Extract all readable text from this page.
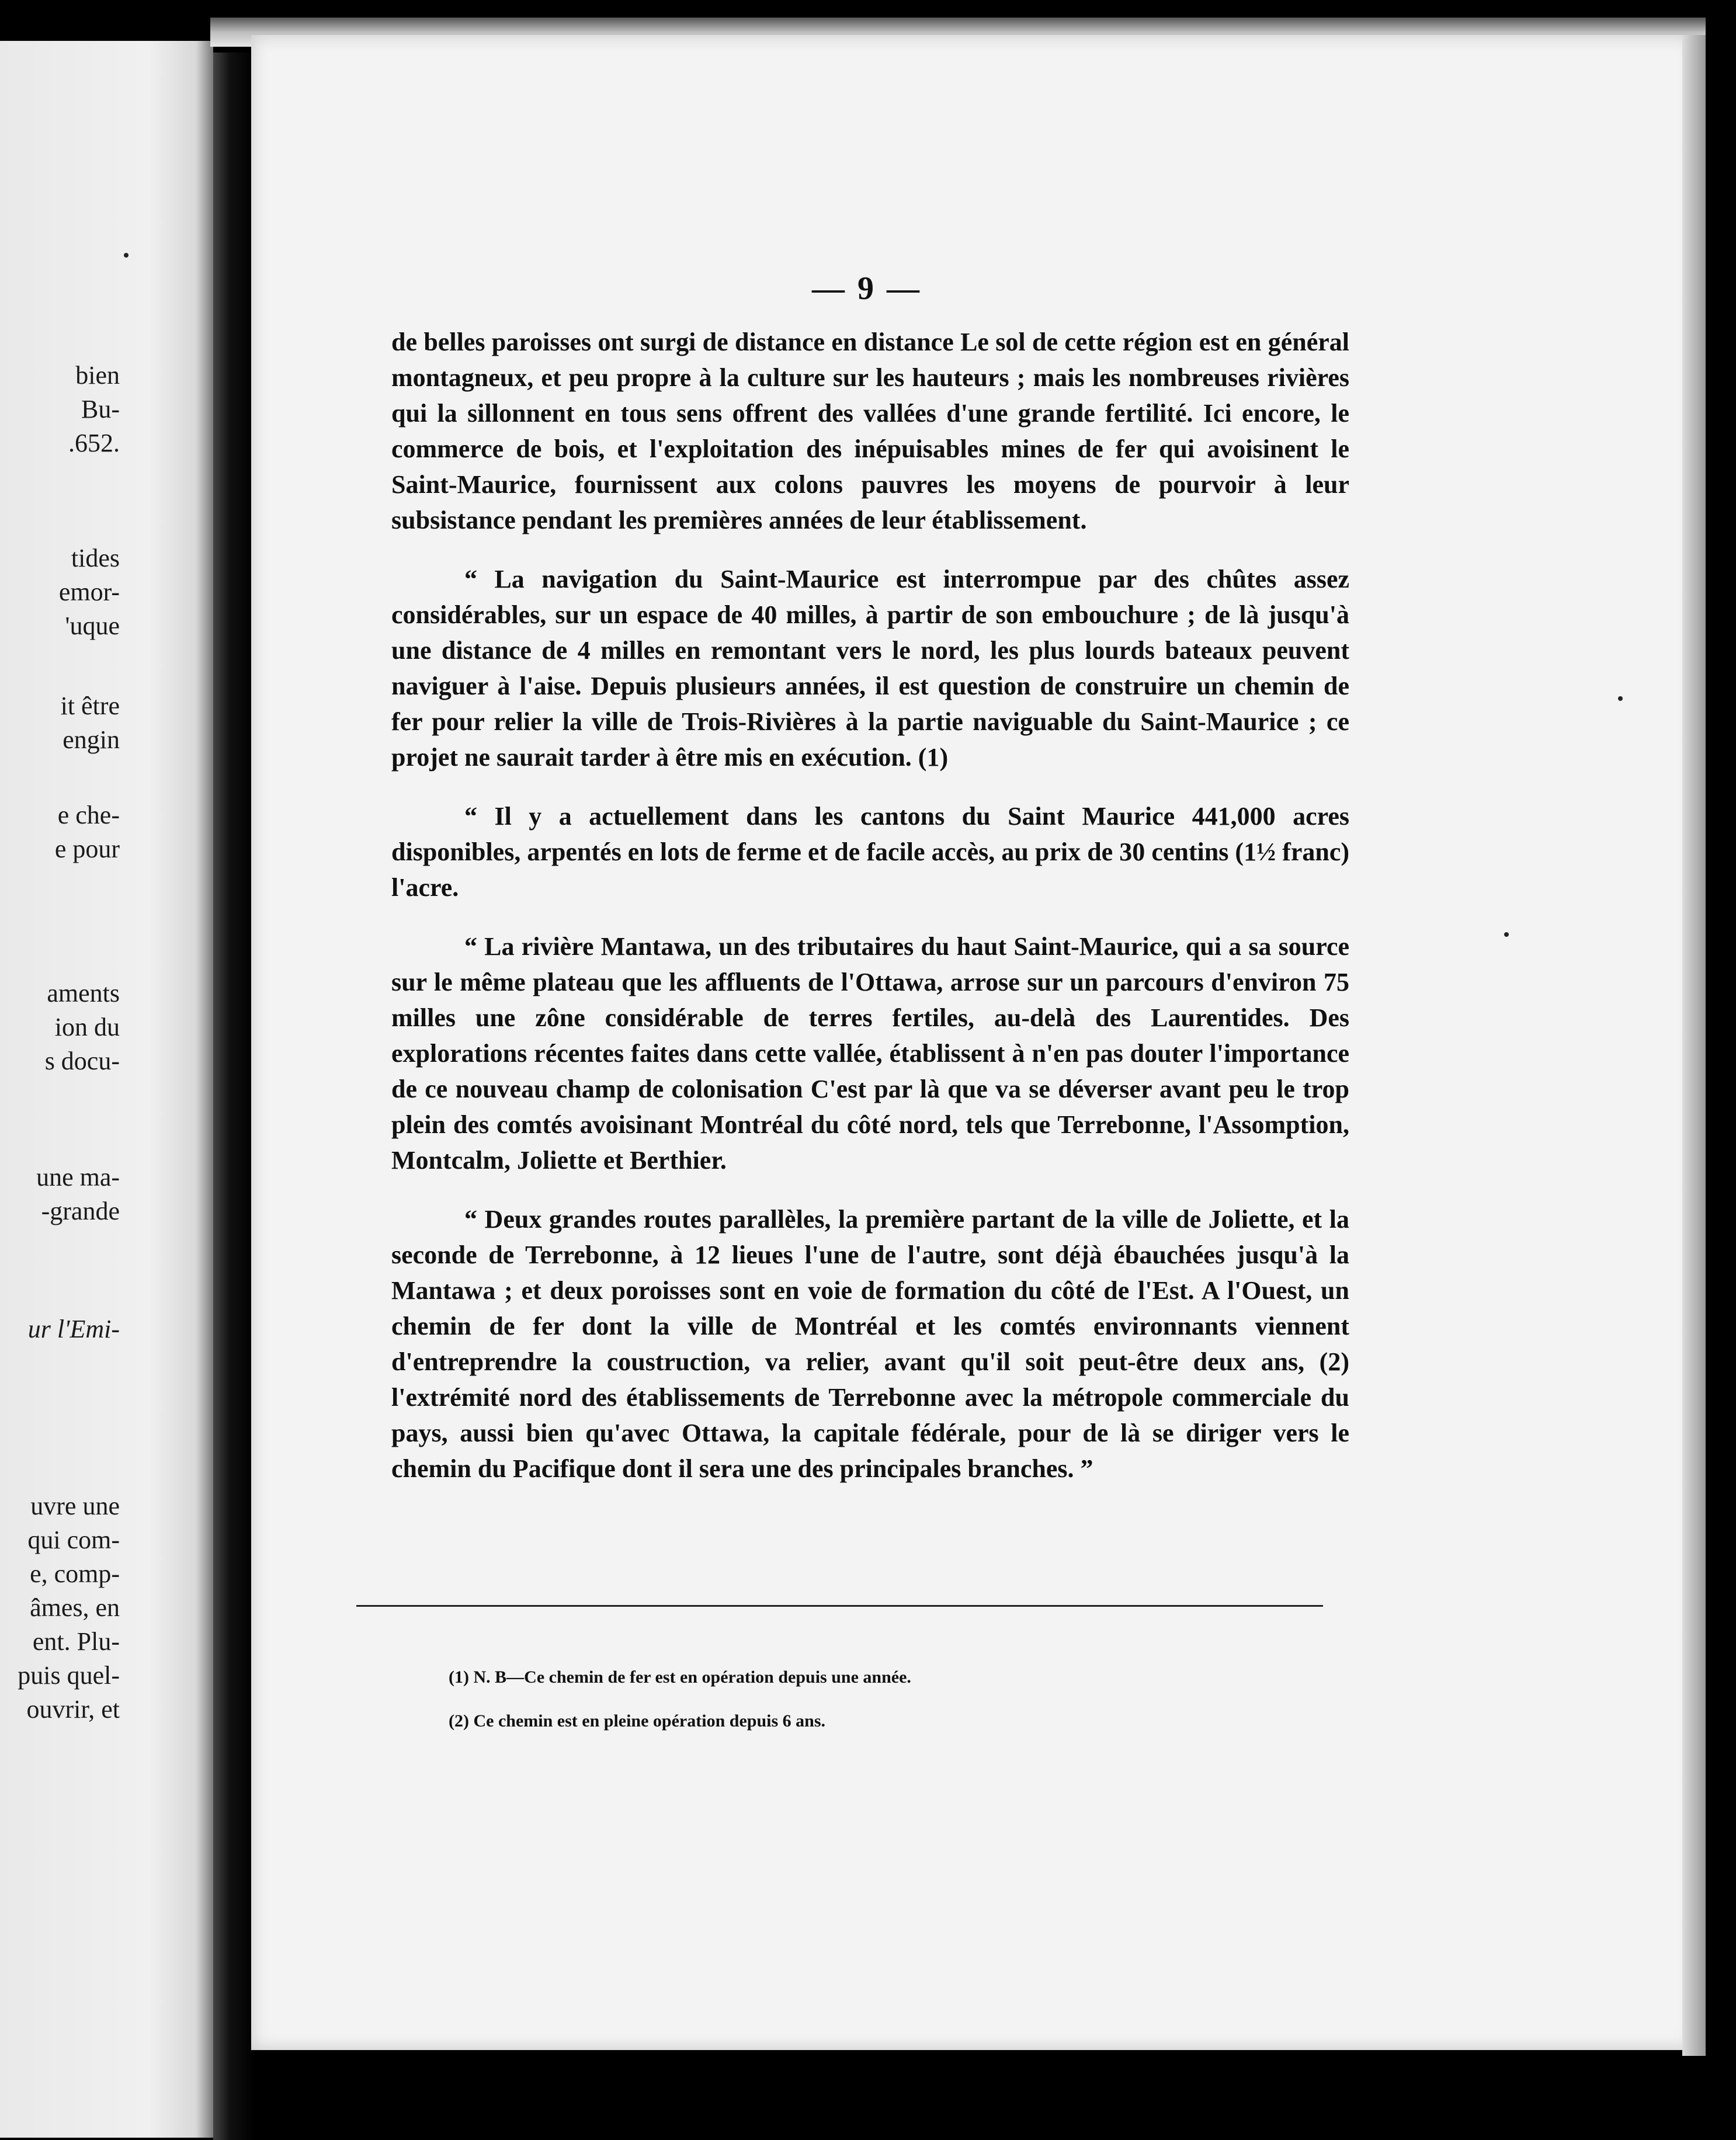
bien
Bu-
.652.
tides
emor-
'uque
it être
engin
e che-
e pour
aments
ion du
s docu-
une ma-
-grande
ur l'Emi-
uvre une
qui com-
e, comp-
âmes, en
ent. Plu-
puis quel-
ouvrir, et
— 9 —

de belles paroisses ont surgi de distance en distance Le sol de cette région est en général montagneux, et peu propre à la culture sur les hauteurs ; mais les nombreuses rivières qui la sillonnent en tous sens offrent des vallées d'une grande fertilité. Ici encore, le commerce de bois, et l'exploitation des inépuisables mines de fer qui avoisinent le Saint-Maurice, fournissent aux colons pauvres les moyens de pourvoir à leur subsistance pendant les premières années de leur établissement.

“ La navigation du Saint-Maurice est interrompue par des chûtes assez considérables, sur un espace de 40 milles, à partir de son embouchure ; de là jusqu'à une distance de 4 milles en remontant vers le nord, les plus lourds bateaux peuvent naviguer à l'aise. Depuis plusieurs années, il est question de construire un chemin de fer pour relier la ville de Trois-Rivières à la partie naviguable du Saint-Maurice ; ce projet ne saurait tarder à être mis en exécution. (1)

“ Il y a actuellement dans les cantons du Saint Maurice 441,000 acres disponibles, arpentés en lots de ferme et de facile accès, au prix de 30 centins (1½ franc) l'acre.

“ La rivière Mantawa, un des tributaires du haut Saint-Maurice, qui a sa source sur le même plateau que les affluents de l'Ottawa, arrose sur un parcours d'environ 75 milles une zône considérable de terres fertiles, au-delà des Laurentides. Des explorations récentes faites dans cette vallée, établissent à n'en pas douter l'importance de ce nouveau champ de colonisation C'est par là que va se déverser avant peu le trop plein des comtés avoisinant Montréal du côté nord, tels que Terrebonne, l'Assomption, Montcalm, Joliette et Berthier.

“ Deux grandes routes parallèles, la première partant de la ville de Joliette, et la seconde de Terrebonne, à 12 lieues l'une de l'autre, sont déjà ébauchées jusqu'à la Mantawa ; et deux poroisses sont en voie de formation du côté de l'Est. A l'Ouest, un chemin de fer dont la ville de Montréal et les comtés environnants viennent d'entreprendre la coustruction, va relier, avant qu'il soit peut-être deux ans, (2) l'extrémité nord des établissements de Terrebonne avec la métropole commerciale du pays, aussi bien qu'avec Ottawa, la capitale fédérale, pour de là se diriger vers le chemin du Pacifique dont il sera une des principales branches. ”

(1) N. B—Ce chemin de fer est en opération depuis une année.
(2) Ce chemin est en pleine opération depuis 6 ans.
